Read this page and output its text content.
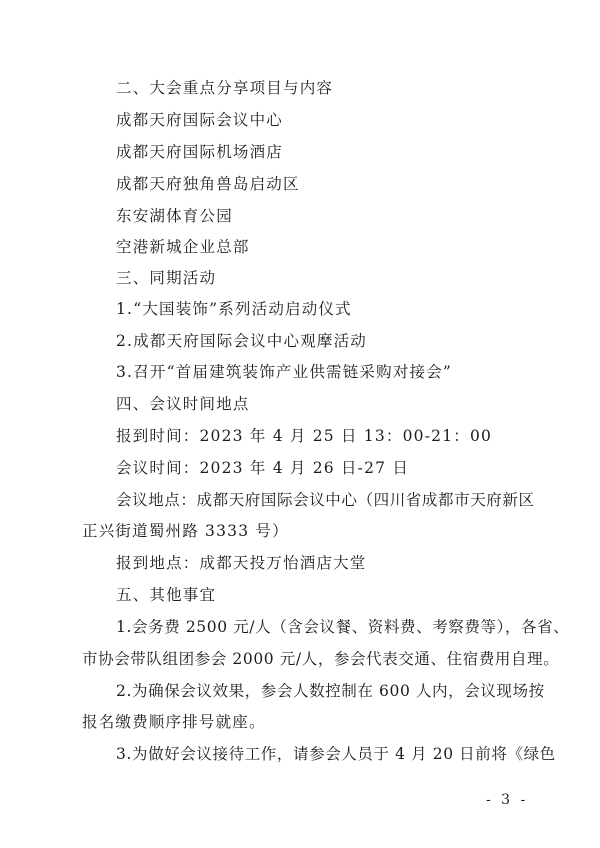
二、大会重点分享项目与内容
成都天府国际会议中心
成都天府国际机场酒店
成都天府独角兽岛启动区
东安湖体育公园
空港新城企业总部
三、同期活动
1.“大国装饰”系列活动启动仪式
2.成都天府国际会议中心观摩活动
3.召开“首届建筑装饰产业供需链采购对接会”
四、会议时间地点
报到时间：2023 年 4 月 25 日 13：00-21：00
会议时间：2023 年 4 月 26 日-27 日
会议地点：成都天府国际会议中心（四川省成都市天府新区
正兴街道蜀州路 3333 号）
报到地点：成都天投万怡酒店大堂
五、其他事宜
1.会务费 2500 元/人（含会议餐、资料费、考察费等），各省、
市协会带队组团参会 2000 元/人，参会代表交通、住宿费用自理。
2.为确保会议效果，参会人数控制在 600 人内，会议现场按
报名缴费顺序排号就座。
3.为做好会议接待工作，请参会人员于 4 月 20 日前将《绿色
- 3 -
